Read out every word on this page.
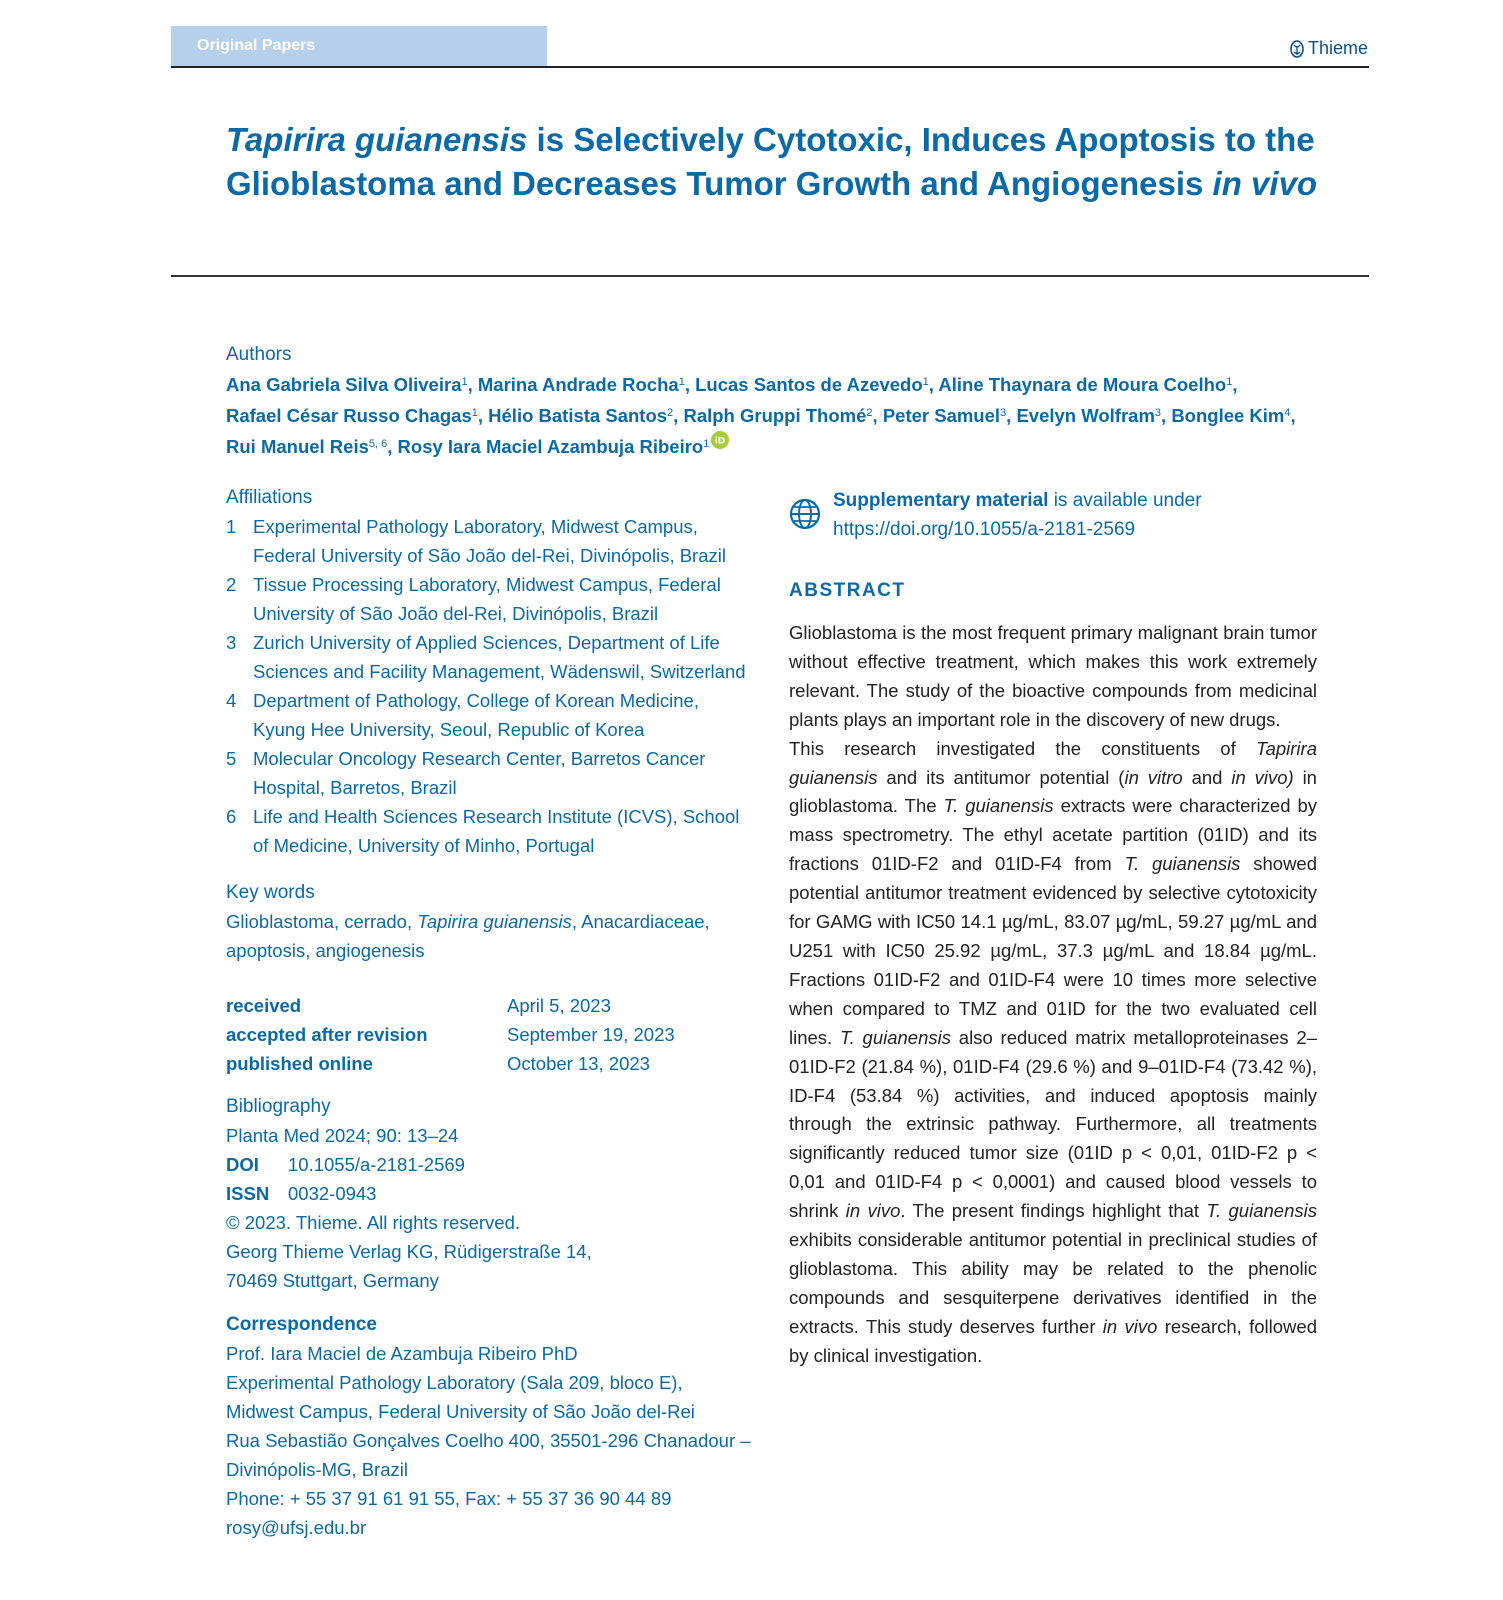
Original Papers	Thieme
Tapirira guianensis is Selectively Cytotoxic, Induces Apoptosis to the Glioblastoma and Decreases Tumor Growth and Angiogenesis in vivo
Authors
Ana Gabriela Silva Oliveira$^1$, Marina Andrade Rocha$^1$, Lucas Santos de Azevedo$^1$, Aline Thaynara de Moura Coelho$^1$,
Rafael César Russo Chagas$^1$, Hélio Batista Santos$^2$, Ralph Gruppi Thomé$^2$, Peter Samuel$^3$, Evelyn Wolfram$^3$, Bonglee Kim$^4$,
Rui Manuel Reis$^{5, 6}$, Rosy Iara Maciel Azambuja Ribeiro$^1$ iD
Affiliations
1 Experimental Pathology Laboratory, Midwest Campus, Federal University of São João del-Rei, Divinópolis, Brazil
2 Tissue Processing Laboratory, Midwest Campus, Federal University of São João del-Rei, Divinópolis, Brazil
3 Zurich University of Applied Sciences, Department of Life Sciences and Facility Management, Wädenswil, Switzerland
4 Department of Pathology, College of Korean Medicine, Kyung Hee University, Seoul, Republic of Korea
5 Molecular Oncology Research Center, Barretos Cancer Hospital, Barretos, Brazil
6 Life and Health Sciences Research Institute (ICVS), School of Medicine, University of Minho, Portugal
Key words
Glioblastoma, cerrado, Tapirira guianensis, Anacardiaceae, apoptosis, angiogenesis
received	April 5, 2023
accepted after revision	September 19, 2023
published online	October 13, 2023
Bibliography
Planta Med 2024; 90: 13–24
DOI 10.1055/a-2181-2569
ISSN 0032-0943
© 2023. Thieme. All rights reserved.
Georg Thieme Verlag KG, Rüdigerstraße 14,
70469 Stuttgart, Germany
Correspondence
Prof. Iara Maciel de Azambuja Ribeiro PhD
Experimental Pathology Laboratory (Sala 209, bloco E),
Midwest Campus, Federal University of São João del-Rei
Rua Sebastião Gonçalves Coelho 400, 35501-296 Chanadour –
Divinópolis-MG, Brazil
Phone: + 55 37 91 61 91 55, Fax: + 55 37 36 90 44 89
rosy@ufsj.edu.br
Supplementary material is available under
https://doi.org/10.1055/a-2181-2569
ABSTRACT

Glioblastoma is the most frequent primary malignant brain tumor without effective treatment, which makes this work extremely relevant. The study of the bioactive compounds from medicinal plants plays an important role in the discovery of new drugs.

This research investigated the constituents of Tapirira guianensis and its antitumor potential (in vitro and in vivo) in glioblastoma. The T. guianensis extracts were characterized by mass spectrometry. The ethyl acetate partition (01ID) and its fractions 01ID-F2 and 01ID-F4 from T. guianensis showed potential antitumor treatment evidenced by selective cytotoxicity for GAMG with IC50 14.1 µg/mL, 83.07 µg/mL, 59.27 µg/mL and U251 with IC50 25.92 µg/mL, 37.3 µg/mL and 18.84 µg/mL. Fractions 01ID-F2 and 01ID-F4 were 10 times more selective when compared to TMZ and 01ID for the two evaluated cell lines. T. guianensis also reduced matrix metalloproteinases 2–01ID-F2 (21.84 %), 01ID-F4 (29.6 %) and 9–01ID-F4 (73.42 %), ID-F4 (53.84 %) activities, and induced apoptosis mainly through the extrinsic pathway. Furthermore, all treatments significantly reduced tumor size (01ID p < 0,01, 01ID-F2 p < 0,01 and 01ID-F4 p < 0,0001) and caused blood vessels to shrink in vivo. The present findings highlight that T. guianensis exhibits considerable antitumor potential in preclinical studies of glioblastoma. This ability may be related to the phenolic compounds and sesquiterpene derivatives identified in the extracts. This study deserves further in vivo research, followed by clinical investigation.
